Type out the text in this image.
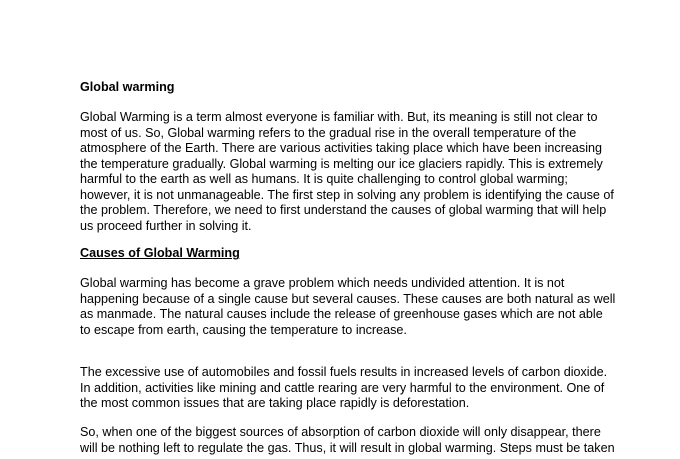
Global warming
Global Warming is a term almost everyone is familiar with. But, its meaning is still not clear to
most of us. So, Global warming refers to the gradual rise in the overall temperature of the
atmosphere of the Earth. There are various activities taking place which have been increasing
the temperature gradually. Global warming is melting our ice glaciers rapidly. This is extremely
harmful to the earth as well as humans. It is quite challenging to control global warming;
however, it is not unmanageable. The first step in solving any problem is identifying the cause of
the problem. Therefore, we need to first understand the causes of global warming that will help
us proceed further in solving it.
Causes of Global Warming
Global warming has become a grave problem which needs undivided attention. It is not
happening because of a single cause but several causes. These causes are both natural as well
as manmade. The natural causes include the release of greenhouse gases which are not able
to escape from earth, causing the temperature to increase.
The excessive use of automobiles and fossil fuels results in increased levels of carbon dioxide.
In addition, activities like mining and cattle rearing are very harmful to the environment. One of
the most common issues that are taking place rapidly is deforestation.
So, when one of the biggest sources of absorption of carbon dioxide will only disappear, there
will be nothing left to regulate the gas. Thus, it will result in global warming. Steps must be taken
